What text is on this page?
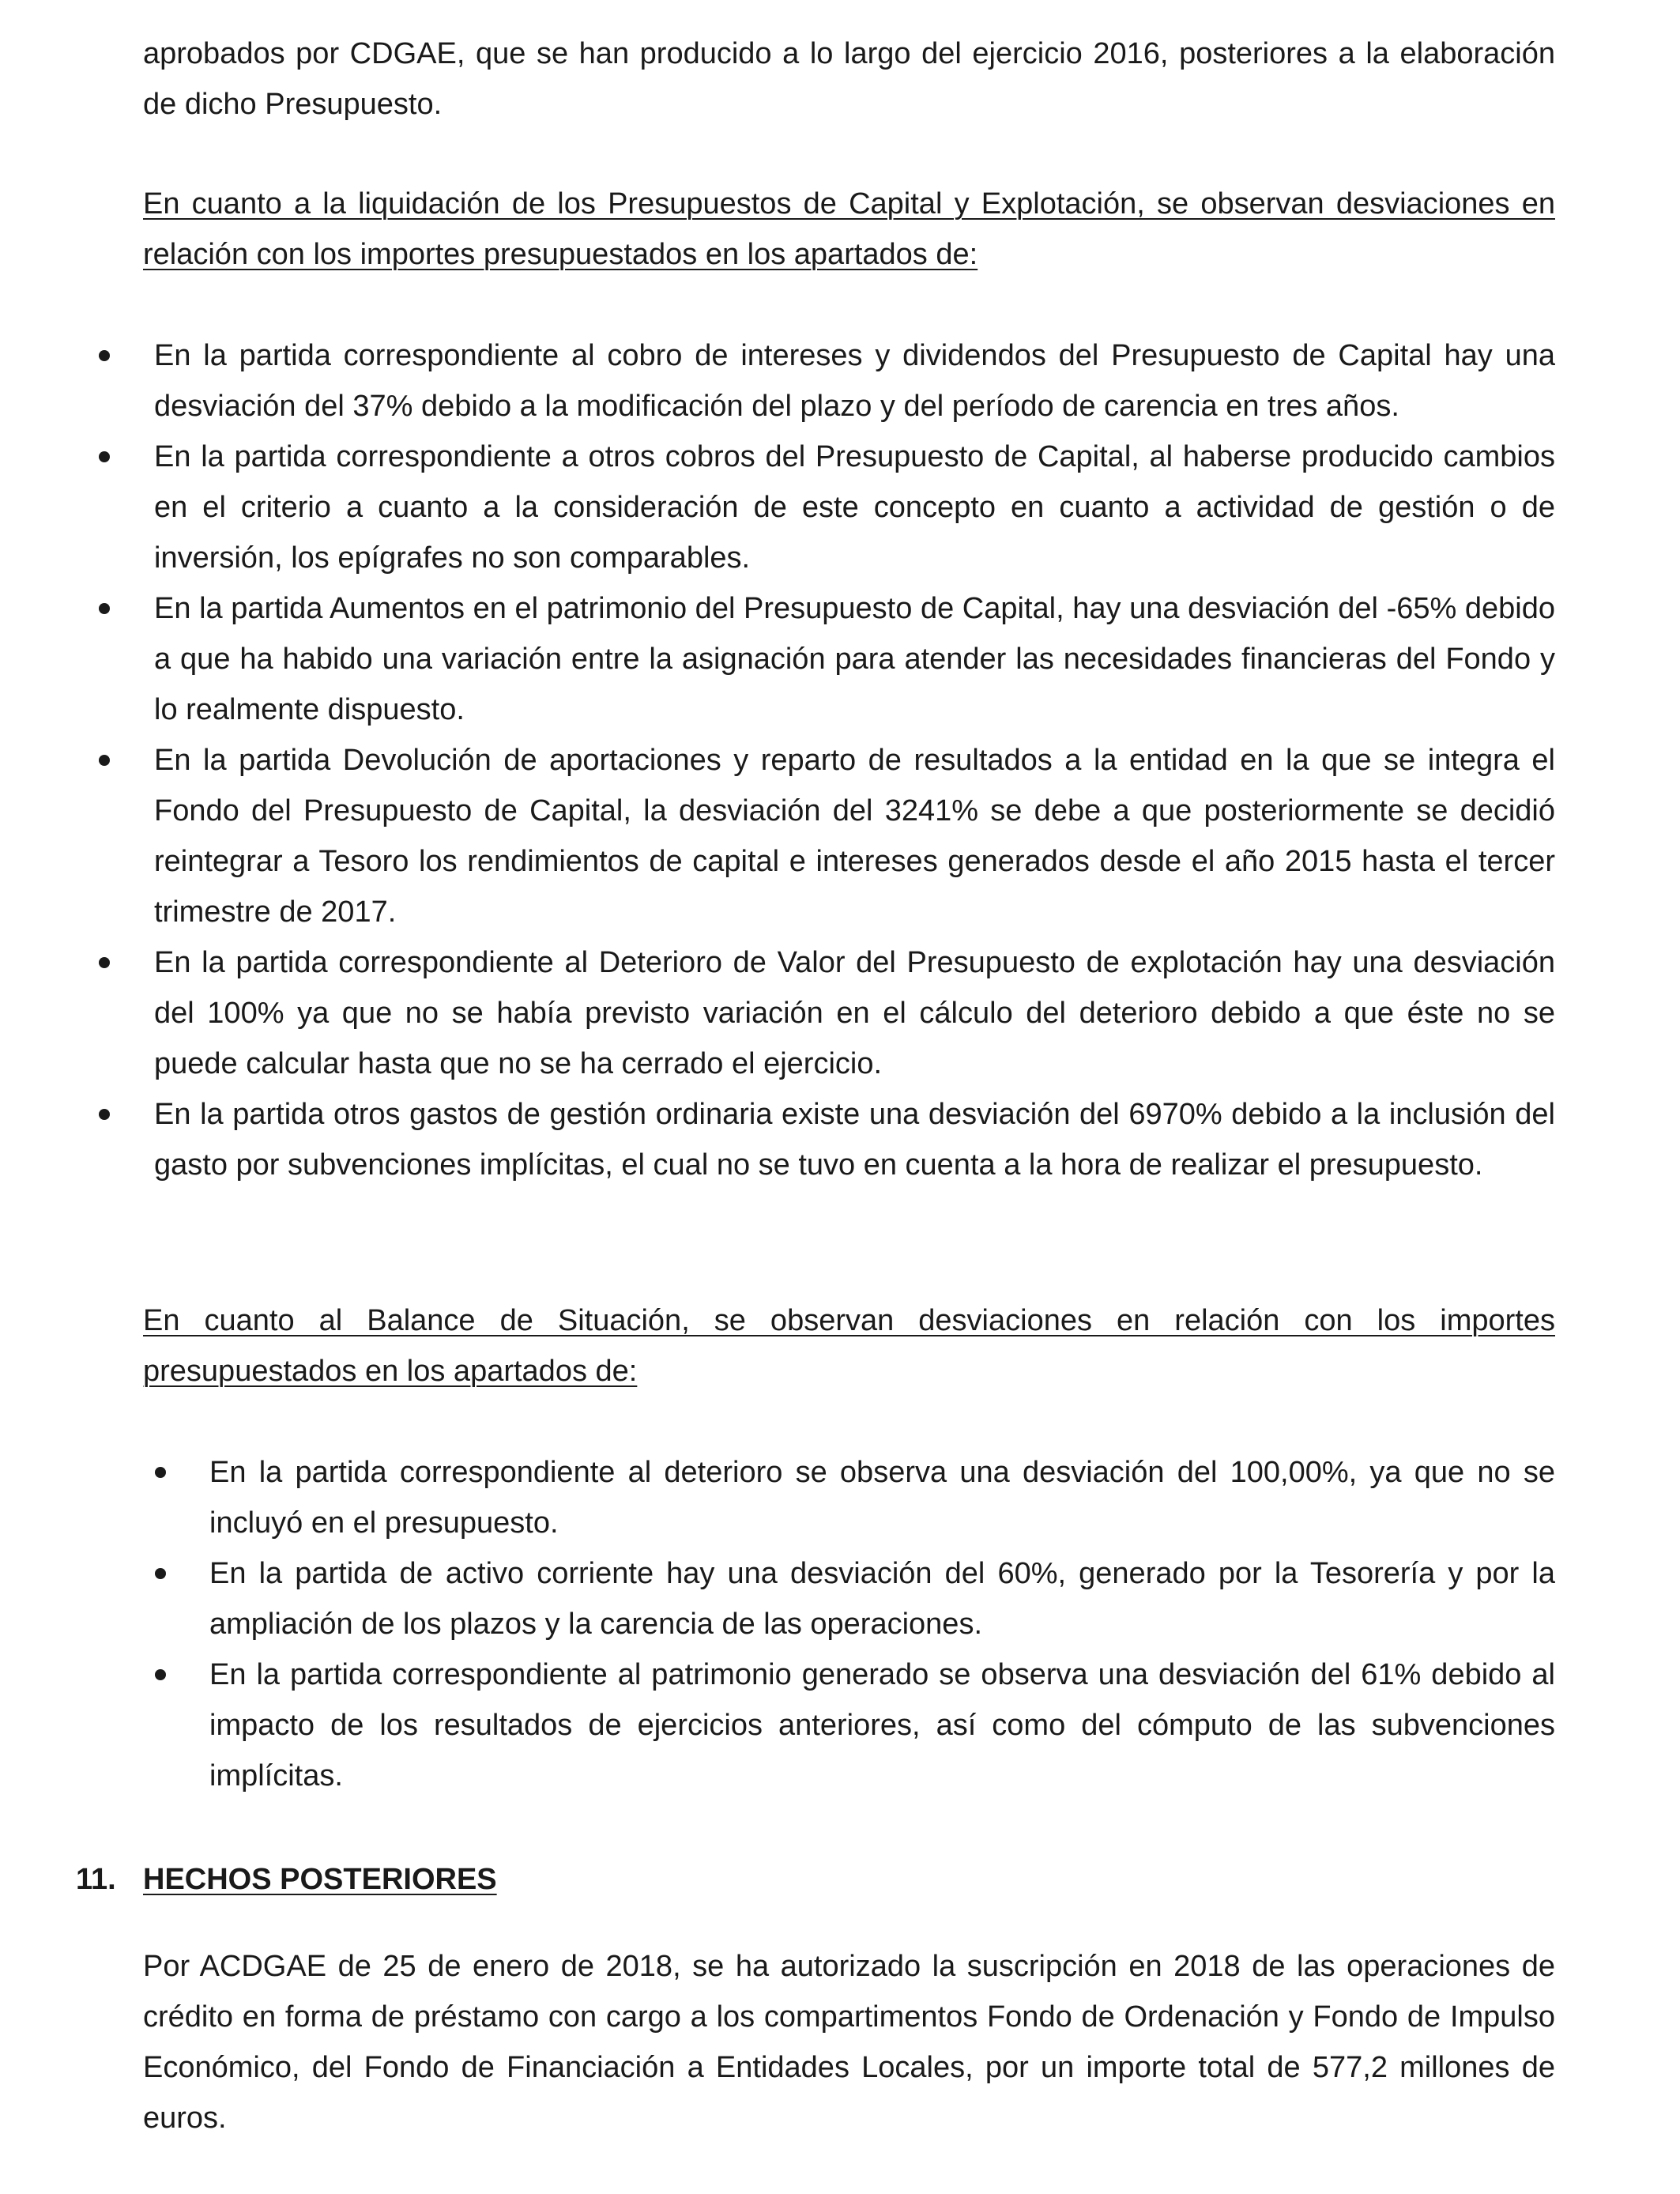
aprobados por CDGAE, que se han producido a lo largo del ejercicio 2016, posteriores a la elaboración de dicho Presupuesto.

En cuanto a la liquidación de los Presupuestos de Capital y Explotación, se observan desviaciones en relación con los importes presupuestados en los apartados de:

En la partida correspondiente al cobro de intereses y dividendos del Presupuesto de Capital hay una desviación del 37% debido a la modificación del plazo y del período de carencia en tres años.
En la partida correspondiente a otros cobros del Presupuesto de Capital, al haberse producido cambios en el criterio a cuanto a la consideración de este concepto en cuanto a actividad de gestión o de inversión, los epígrafes no son comparables.
En la partida Aumentos en el patrimonio del Presupuesto de Capital, hay una desviación del -65% debido a que ha habido una variación entre la asignación para atender las necesidades financieras del Fondo y lo realmente dispuesto.
En la partida Devolución de aportaciones y reparto de resultados a la entidad en la que se integra el Fondo del Presupuesto de Capital, la desviación del 3241% se debe a que posteriormente se decidió reintegrar a Tesoro los rendimientos de capital e intereses generados desde el año 2015 hasta el tercer trimestre de 2017.
En la partida correspondiente al Deterioro de Valor del Presupuesto de explotación hay una desviación del 100% ya que no se había previsto variación en el cálculo del deterioro debido a que éste no se puede calcular hasta que no se ha cerrado el ejercicio.
En la partida otros gastos de gestión ordinaria existe una desviación del 6970% debido a la inclusión del gasto por subvenciones implícitas, el cual no se tuvo en cuenta a la hora de realizar el presupuesto.

En cuanto al Balance de Situación, se observan desviaciones en relación con los importes presupuestados en los apartados de:

En la partida correspondiente al deterioro se observa una desviación del 100,00%, ya que no se incluyó en el presupuesto.
En la partida de activo corriente hay una desviación del 60%, generado por la Tesorería y por la ampliación de los plazos y la carencia de las operaciones.
En la partida correspondiente al patrimonio generado se observa una desviación del 61% debido al impacto de los resultados de ejercicios anteriores, así como del cómputo de las subvenciones implícitas.

11. HECHOS POSTERIORES

Por ACDGAE de 25 de enero de 2018, se ha autorizado la suscripción en 2018 de las operaciones de crédito en forma de préstamo con cargo a los compartimentos Fondo de Ordenación y Fondo de Impulso Económico, del Fondo de Financiación a Entidades Locales, por un importe total de 577,2 millones de euros.
